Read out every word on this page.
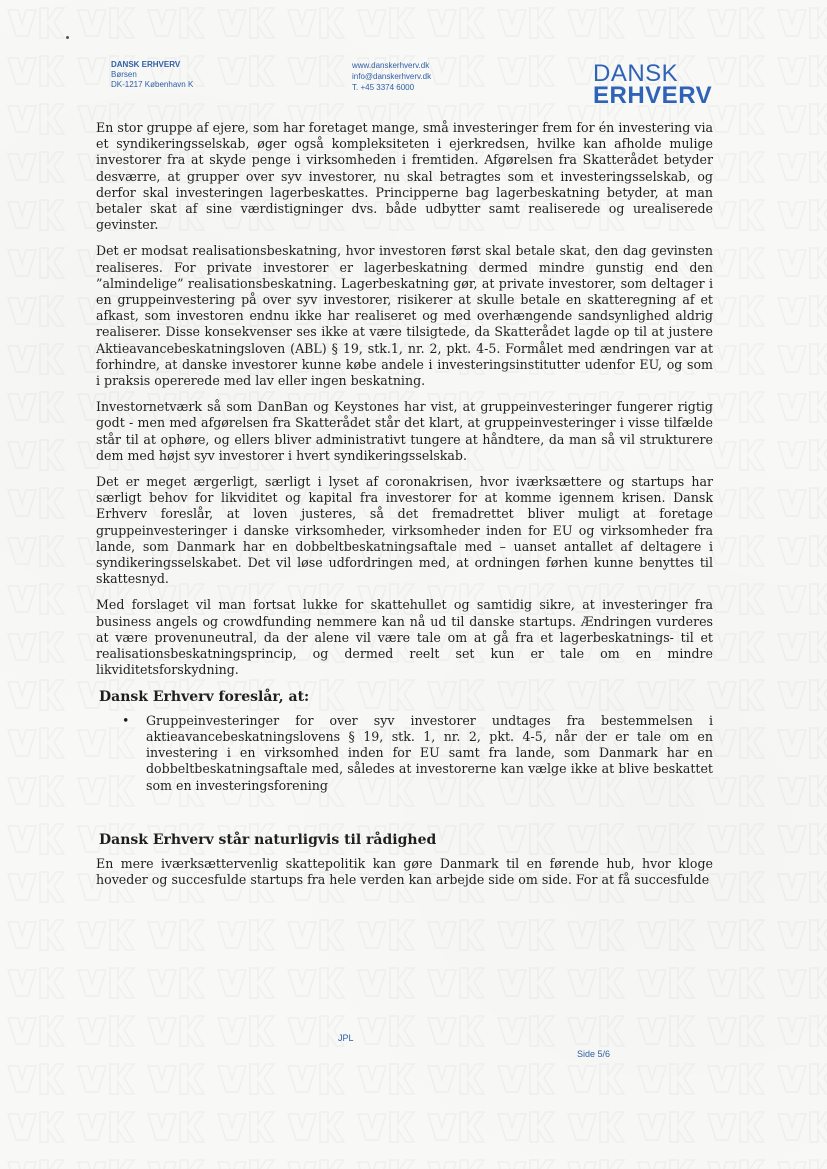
DANSK ERHVERV
Børsen
DK-1217 København K
www.danskerhverv.dk
info@danskerhverv.dk
T. +45 3374 6000
DANSK
ERHVERV

En stor gruppe af ejere, som har foretaget mange, små investeringer frem for én investering via et syndikeringsselskab, øger også kompleksiteten i ejerkredsen, hvilke kan afholde mulige investorer fra at skyde penge i virksomheden i fremtiden. Afgørelsen fra Skatterådet betyder desværre, at grupper over syv investorer, nu skal betragtes som et investeringsselskab, og derfor skal investeringen lagerbeskattes. Principperne bag lagerbeskatning betyder, at man betaler skat af sine værdistigninger dvs. både udbytter samt realiserede og urealiserede gevinster.

Det er modsat realisationsbeskatning, hvor investoren først skal betale skat, den dag gevinsten realiseres. For private investorer er lagerbeskatning dermed mindre gunstig end den ”almindelige” realisationsbeskatning. Lagerbeskatning gør, at private investorer, som deltager i en gruppeinvestering på over syv investorer, risikerer at skulle betale en skatteregning af et afkast, som investoren endnu ikke har realiseret og med overhængende sandsynlighed aldrig realiserer. Disse konsekvenser ses ikke at være tilsigtede, da Skatterådet lagde op til at justere Aktieavancebeskatningsloven (ABL) § 19, stk.1, nr. 2, pkt. 4-5. Formålet med ændringen var at forhindre, at danske investorer kunne købe andele i investeringsinstitutter udenfor EU, og som i praksis opererede med lav eller ingen beskatning.

Investornetværk så som DanBan og Keystones har vist, at gruppeinvesteringer fungerer rigtig godt - men med afgørelsen fra Skatterådet står det klart, at gruppeinvesteringer i visse tilfælde står til at ophøre, og ellers bliver administrativt tungere at håndtere, da man så vil strukturere dem med højst syv investorer i hvert syndikeringsselskab.

Det er meget ærgerligt, særligt i lyset af coronakrisen, hvor iværksættere og startups har særligt behov for likviditet og kapital fra investorer for at komme igennem krisen. Dansk Erhverv foreslår, at loven justeres, så det fremadrettet bliver muligt at foretage gruppeinvesteringer i danske virksomheder, virksomheder inden for EU og virksomheder fra lande, som Danmark har en dobbeltbeskatningsaftale med – uanset antallet af deltagere i syndikeringsselskabet. Det vil løse udfordringen med, at ordningen førhen kunne benyttes til skattesnyd.

Med forslaget vil man fortsat lukke for skattehullet og samtidig sikre, at investeringer fra business angels og crowdfunding nemmere kan nå ud til danske startups. Ændringen vurderes at være provenuneutral, da der alene vil være tale om at gå fra et lagerbeskatnings- til et realisationsbeskatningsprincip, og dermed reelt set kun er tale om en mindre likviditetsforskydning.

Dansk Erhverv foreslår, at:
• Gruppeinvesteringer for over syv investorer undtages fra bestemmelsen i aktieavancebeskatningslovens § 19, stk. 1, nr. 2, pkt. 4-5, når der er tale om en investering i en virksomhed inden for EU samt fra lande, som Danmark har en dobbeltbeskatningsaftale med, således at investorerne kan vælge ikke at blive beskattet som en investeringsforening
Dansk Erhverv står naturligvis til rådighed

En mere iværksættervenlig skattepolitik kan gøre Danmark til en førende hub, hvor kloge hoveder og succesfulde startups fra hele verden kan arbejde side om side. For at få succesfulde

JPL
Side 5/6
